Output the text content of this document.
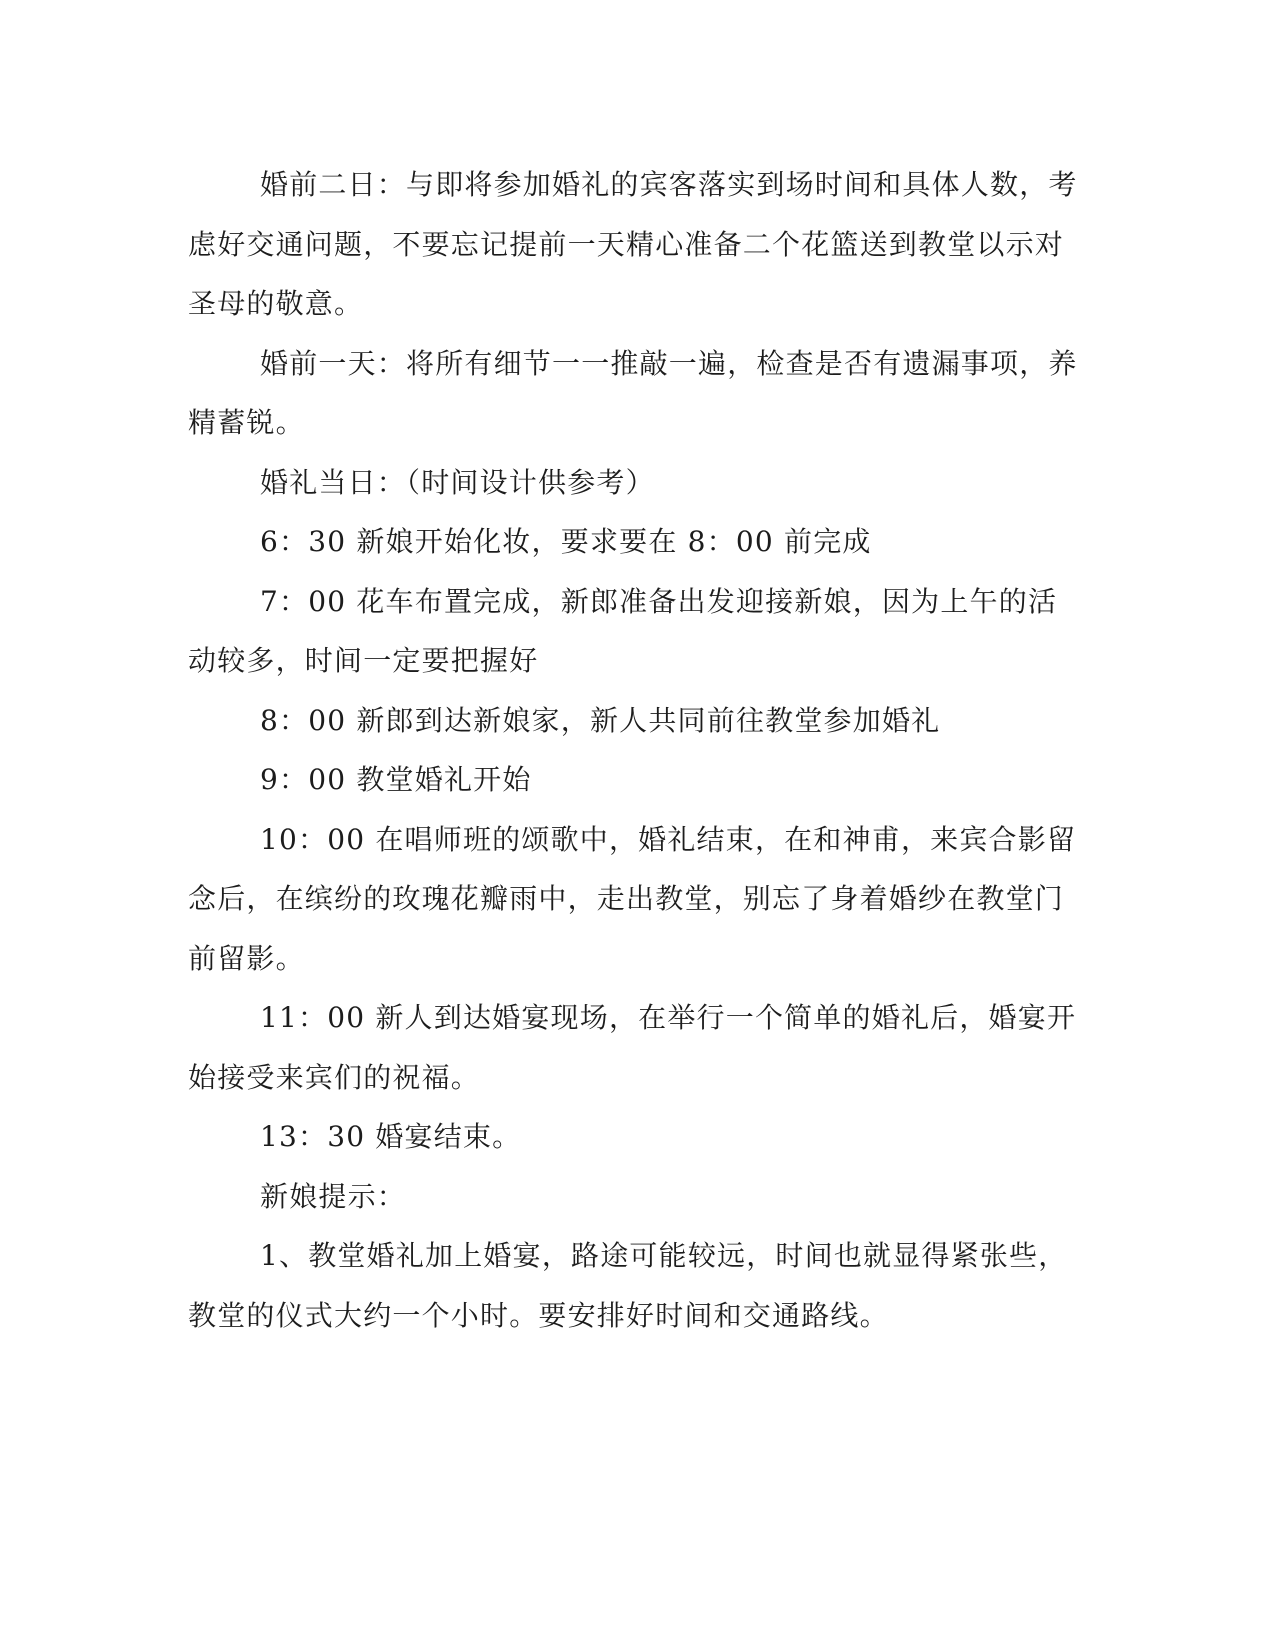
婚前二日：与即将参加婚礼的宾客落实到场时间和具体人数，考虑好交通问题，不要忘记提前一天精心准备二个花篮送到教堂以示对圣母的敬意。

婚前一天：将所有细节一一推敲一遍，检查是否有遗漏事项，养精蓄锐。

婚礼当日：（时间设计供参考）

6：30 新娘开始化妆，要求要在 8：00 前完成

7：00 花车布置完成，新郎准备出发迎接新娘，因为上午的活动较多，时间一定要把握好

8：00 新郎到达新娘家，新人共同前往教堂参加婚礼

9：00 教堂婚礼开始

10：00 在唱师班的颂歌中，婚礼结束，在和神甫，来宾合影留念后，在缤纷的玫瑰花瓣雨中，走出教堂，别忘了身着婚纱在教堂门前留影。

11：00 新人到达婚宴现场，在举行一个简单的婚礼后，婚宴开始接受来宾们的祝福。

13：30 婚宴结束。

新娘提示：

1、教堂婚礼加上婚宴，路途可能较远，时间也就显得紧张些，教堂的仪式大约一个小时。要安排好时间和交通路线。
